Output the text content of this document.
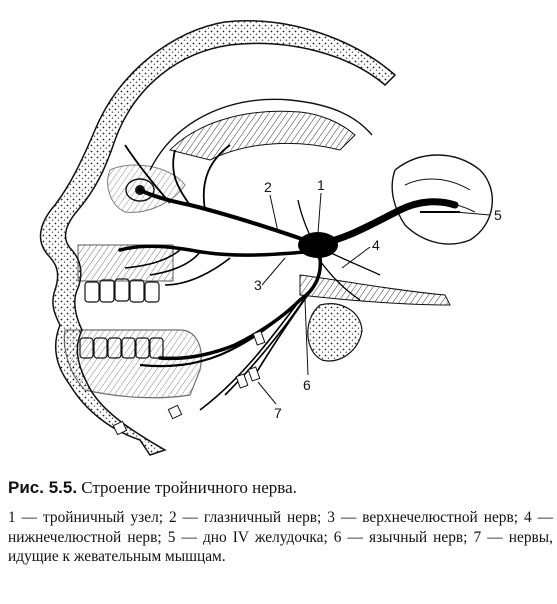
1
2
3
4
5
6
7

Рис. 5.5. Строение тройничного нерва.

1 — тройничный узел; 2 — глазничный нерв; 3 — верхнечелюстной нерв; 4 — нижнечелюстной нерв; 5 — дно IV желудочка; 6 — язычный нерв; 7 — нервы, идущие к жевательным мышцам.
